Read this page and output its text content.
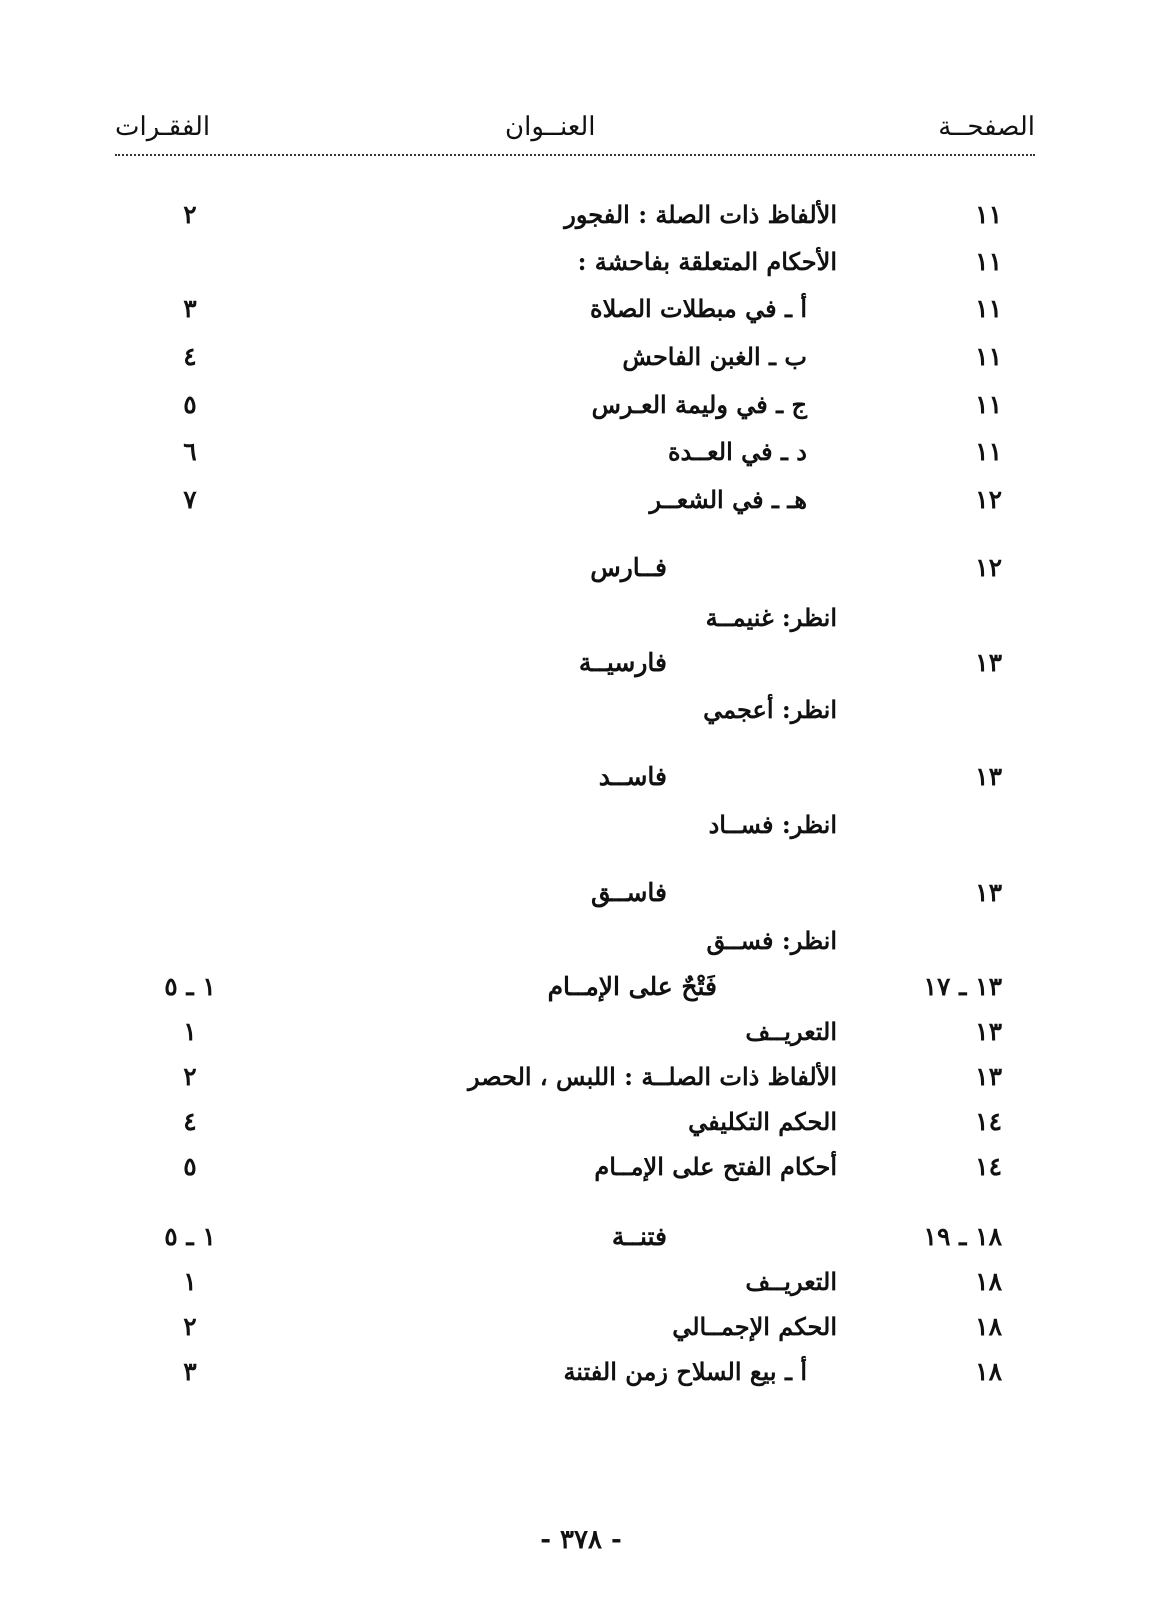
الصفحــة
العنــوان
الفقـرات
١١
الألفاظ ذات الصلة : الفجور
٢
١١
الأحكام المتعلقة بفاحشة :
١١
أ ـ في مبطلات الصلاة
٣
١١
ب ـ الغبن الفاحش
٤
١١
ج ـ في وليمة العـرس
٥
١١
د ـ في العــدة
٦
١٢
هـ ـ في الشعــر
٧
١٢
فــارس
انظر: غنيمــة
١٣
فارسيــة
انظر: أعجمي
١٣
فاســد
انظر: فســاد
١٣
فاســق
انظر: فســق
١٣ ـ ١٧
فَتْحٌ على الإمــام
١ ـ ٥
١٣
التعريــف
١
١٣
الألفاظ ذات الصلــة : اللبس ، الحصر
٢
١٤
الحكم التكليفي
٤
١٤
أحكام الفتح على الإمــام
٥
١٨ ـ ١٩
فتنــة
١ ـ ٥
١٨
التعريــف
١
١٨
الحكم الإجمــالي
٢
١٨
أ ـ بيع السلاح زمن الفتنة
٣
- ٣٧٨ -
